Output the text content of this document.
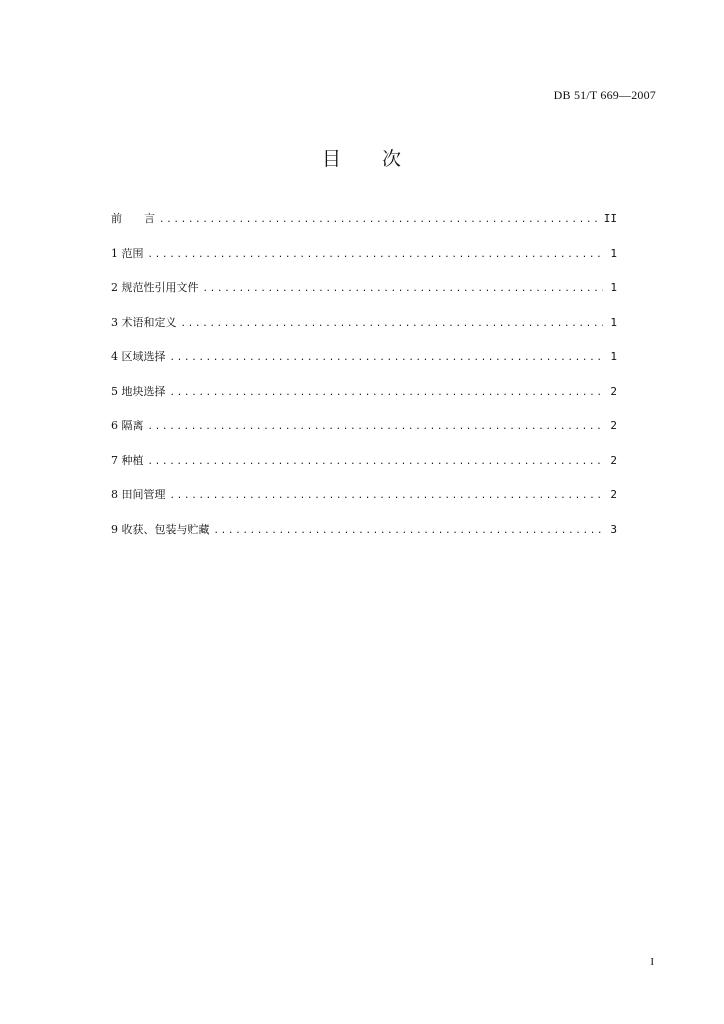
DB 51/T 669—2007
目　　次
前　　言 . . .	II
1 范围 . . .	1
2 规范性引用文件 . . .	1
3 术语和定义 . . .	1
4 区域选择 . . .	1
5 地块选择 . . .	2
6 隔离 . . .	2
7 种植 . . .	2
8 田间管理 . . .	2
9 收获、包装与贮藏 . . .	3
I
